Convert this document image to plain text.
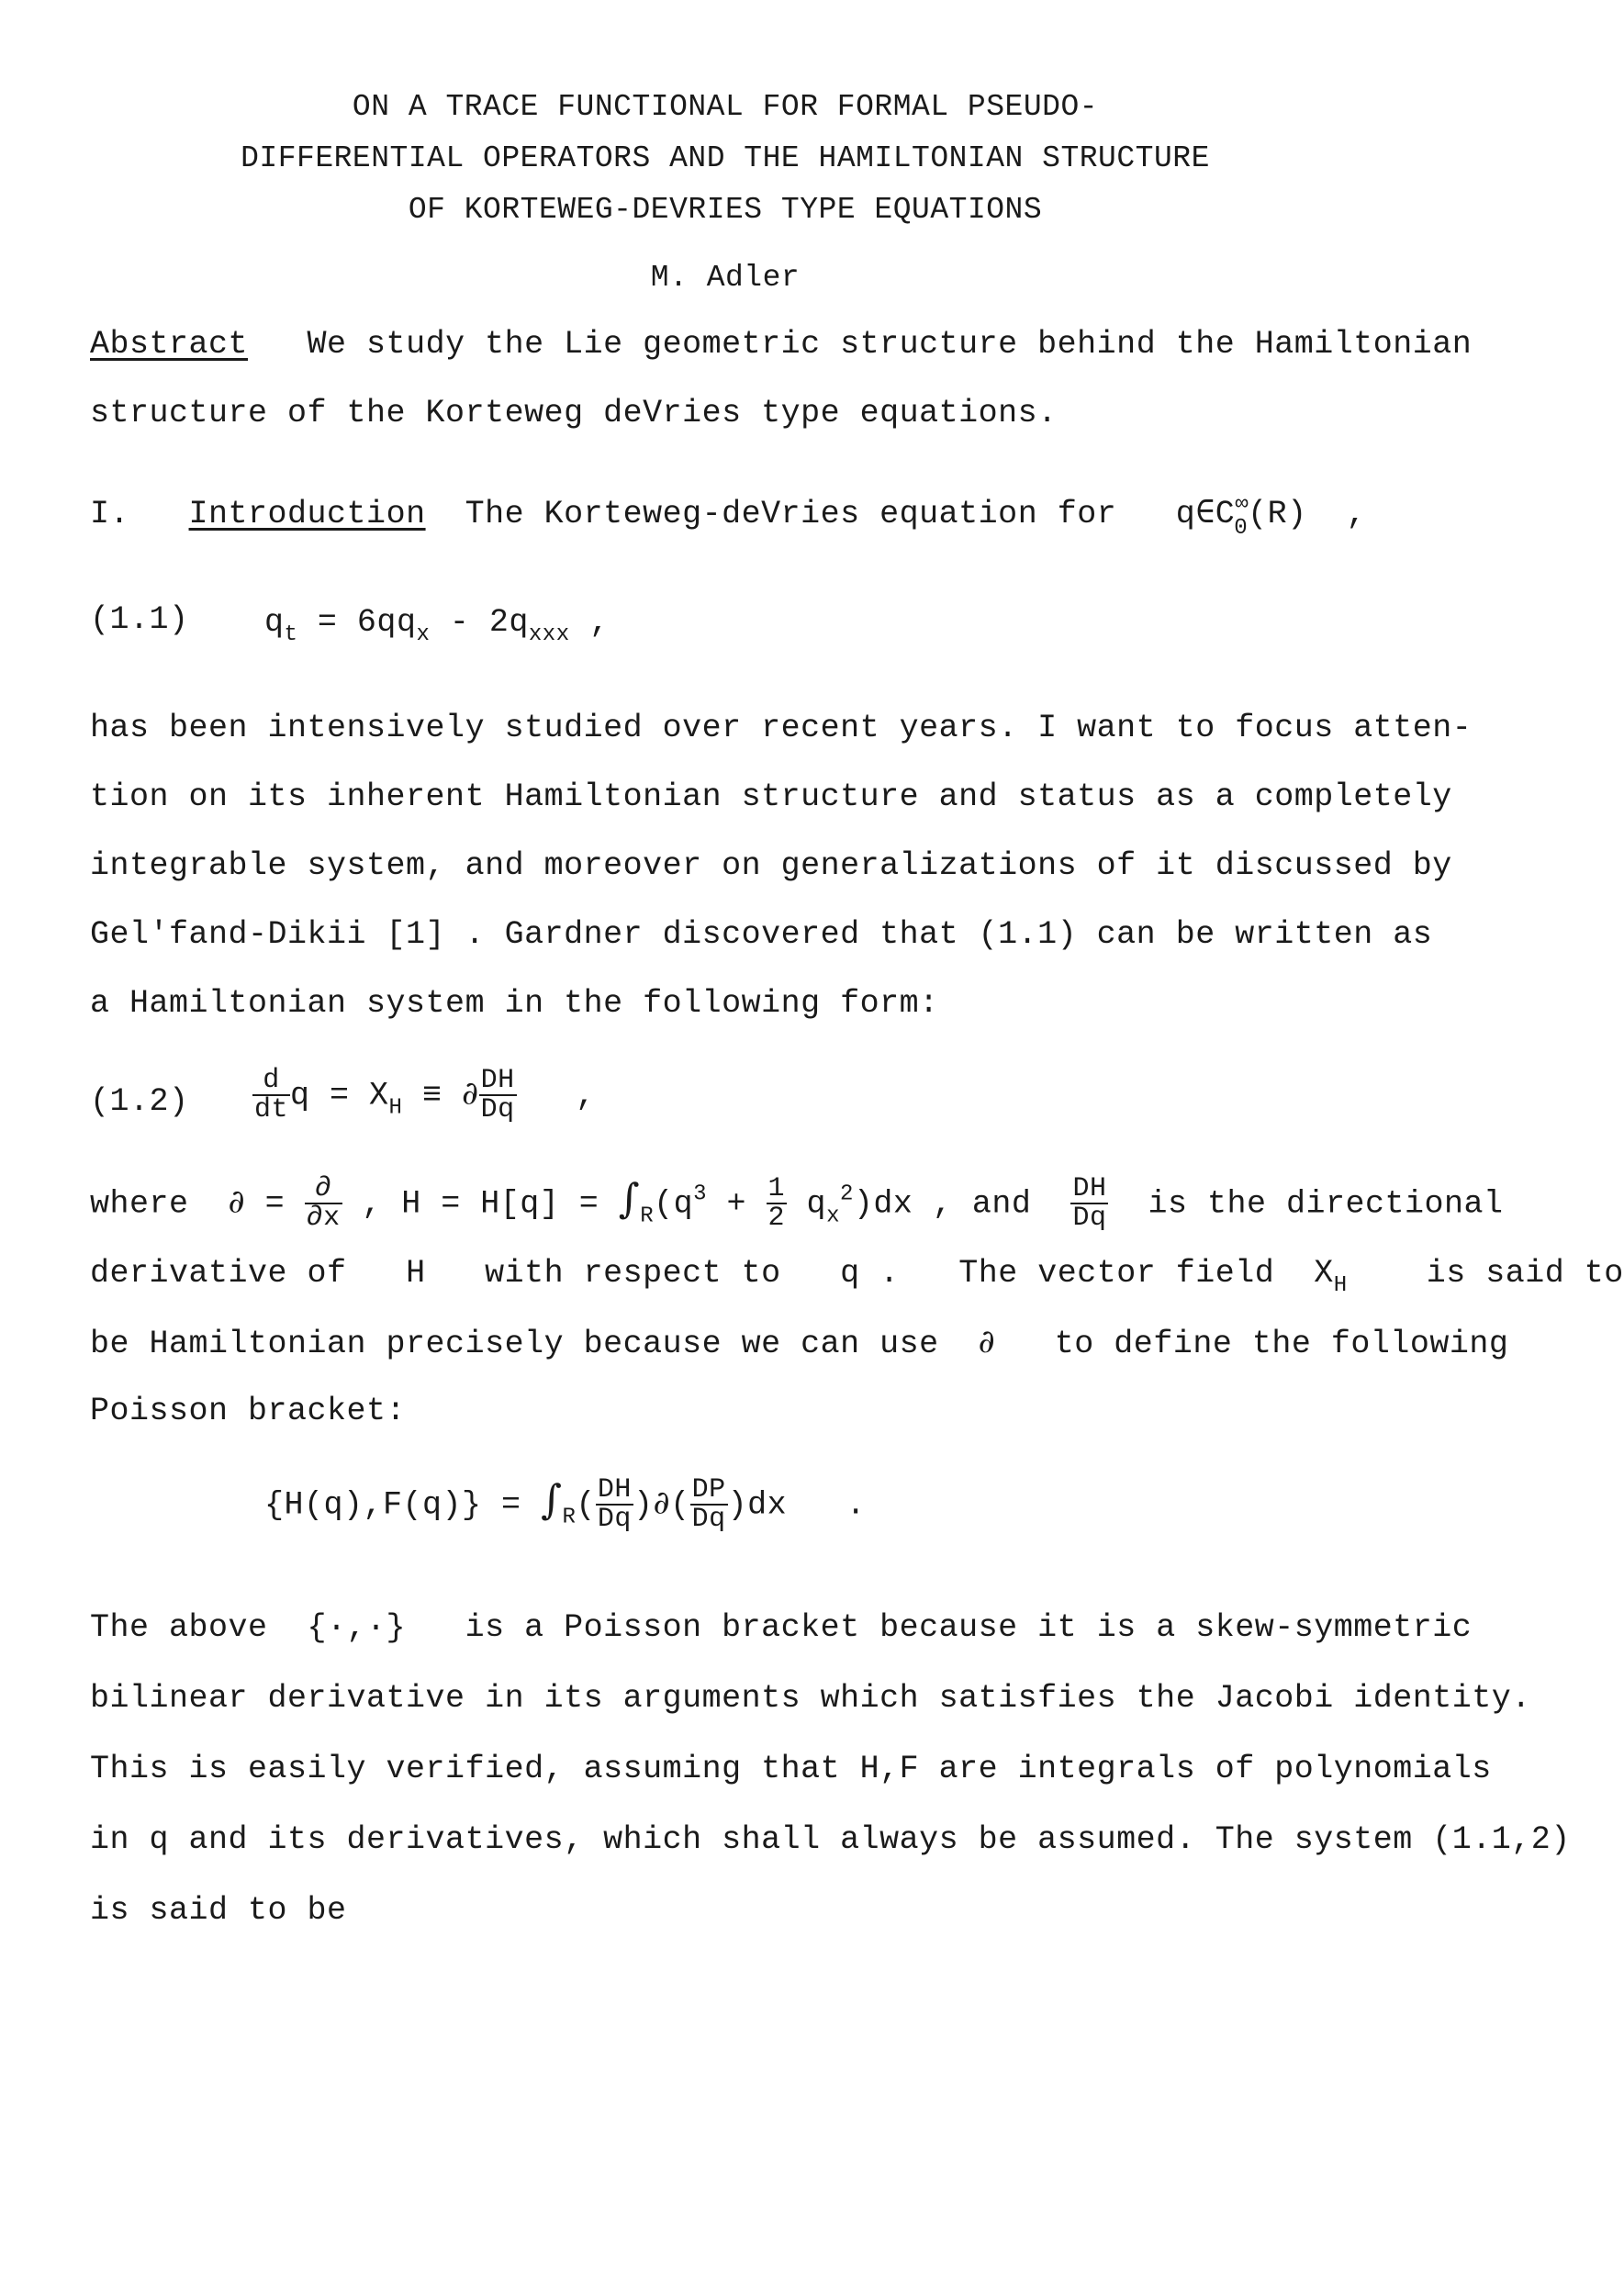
ON A TRACE FUNCTIONAL FOR FORMAL PSEUDO-
DIFFERENTIAL OPERATORS AND THE HAMILTONIAN STRUCTURE
OF KORTEWEG-DEVRIES TYPE EQUATIONS
M. Adler
Abstract We study the Lie geometric structure behind the Hamiltonian
structure of the Korteweg deVries type equations.
I. Introduction The Korteweg-deVries equation for $q\in C^\infty_0(R)$  ,
(1.1) $q_t = 6qq_x - 2q_{xxx}$ ,
has been intensively studied over recent years. I want to focus atten-
tion on its inherent Hamiltonian structure and status as a completely
integrable system, and moreover on generalizations of it discussed by
Gel'fand-Dikii [1] . Gardner discovered that (1.1) can be written as
a Hamiltonian system in the following form:
$(1.2) \frac{d}{dt}$ $q = X_H$ ≡ ∂ $\frac{DH}{Dq}$ ,
where ∂ = $\frac{\partial}{\partial x}$ , $H = H[q] = \int_R(q^3 + \frac{1}{2} q_x^2)dx$ , and $\frac{DH}{Dq}$ is the directional
derivative of H with respect to q . The vector field  $X_H$ is said to
be Hamiltonian precisely because we can use ∂ to define the following
Poisson bracket:
$\{H(q),F(q)\} = \int_R( \frac{DH}{Dq}$ )∂( $\frac{DP}{Dq} )dx$   .
The above  {·,·}   is a Poisson bracket because it is a skew-symmetric
bilinear derivative in its arguments which satisfies the Jacobi identity.
This is easily verified, assuming that H,F are integrals of polynomials
in q and its derivatives, which shall always be assumed. The system (1.1,2)
is said to be
